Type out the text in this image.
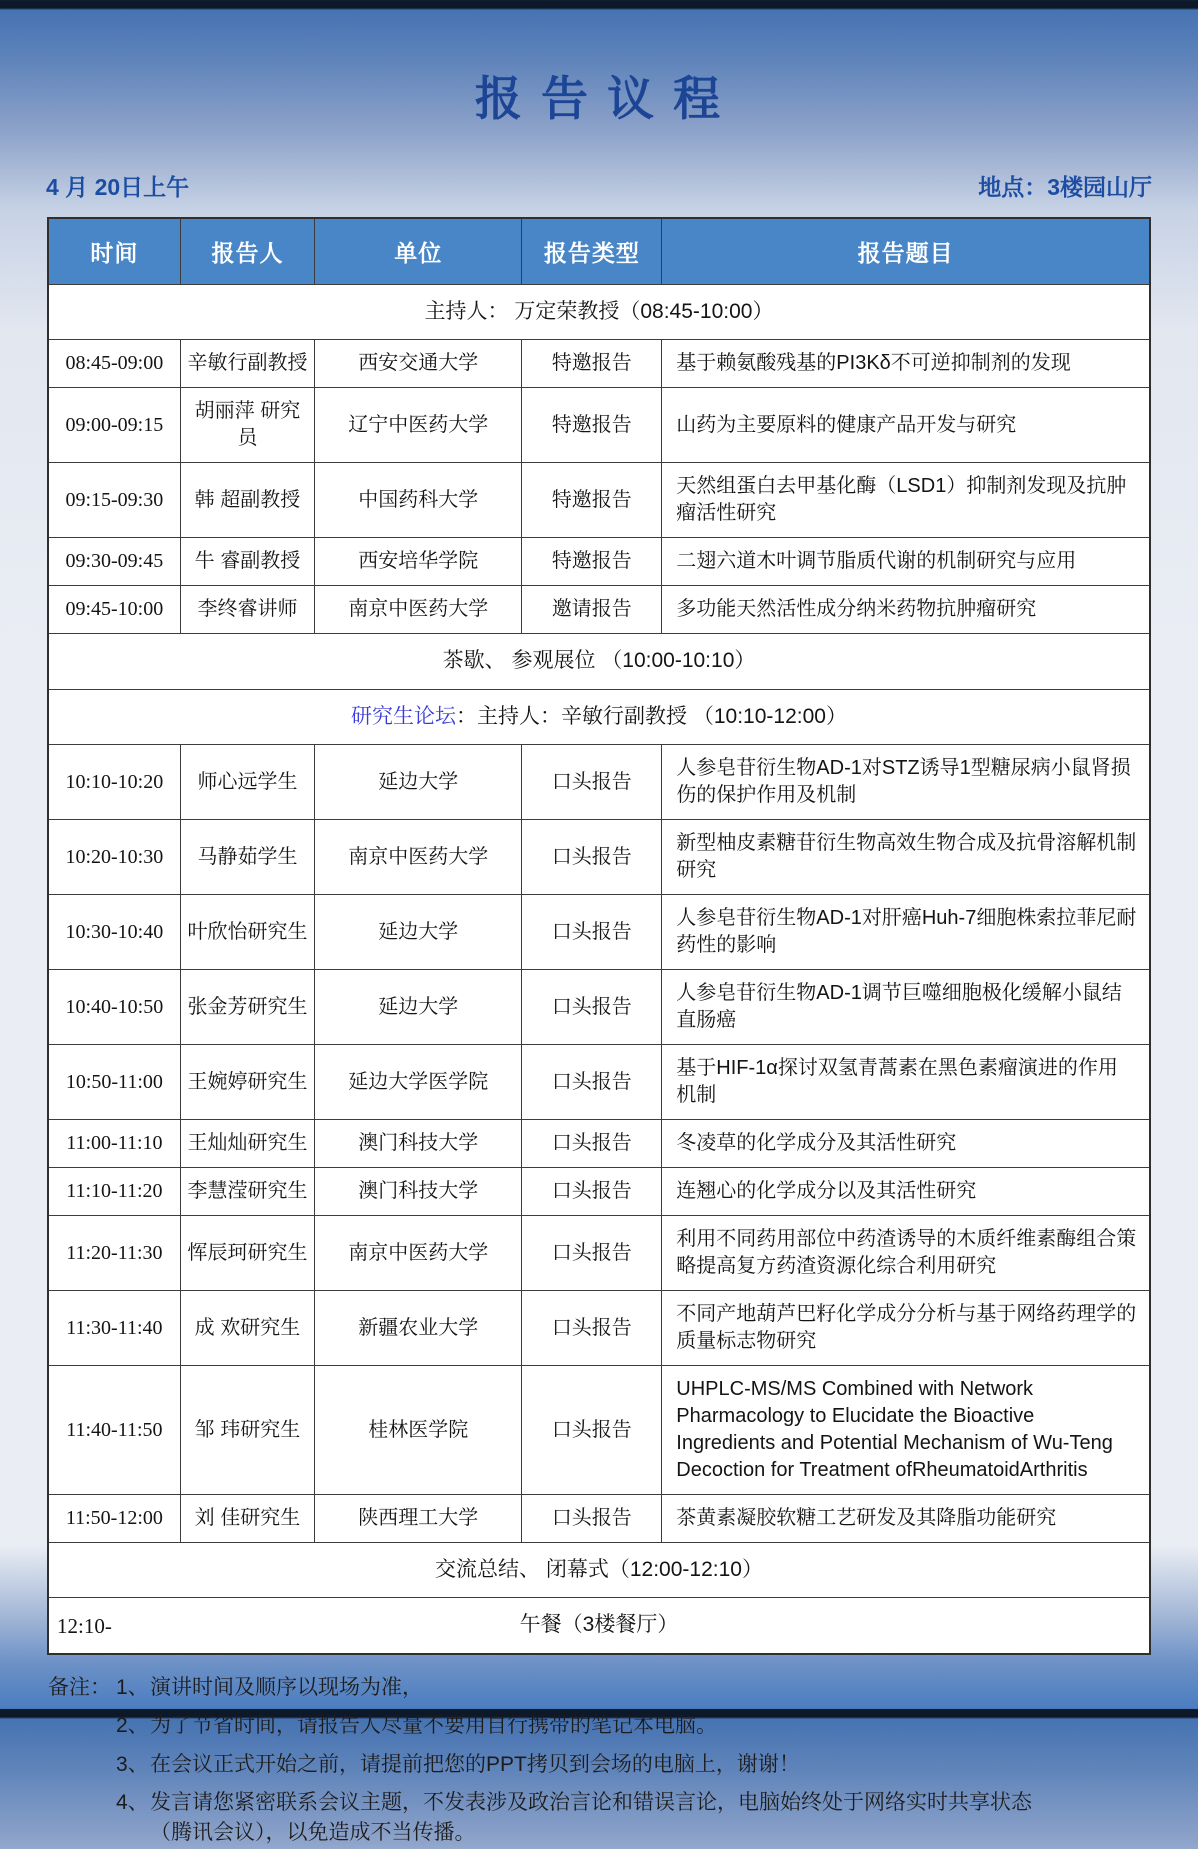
报 告 议 程
4 月 20日上午	地点：3楼园山厅
时间	报告人	单位	报告类型	报告题目
主持人： 万定荣教授（08:45-10:00）				
08:45-09:00	辛敏行副教授	西安交通大学	特邀报告	基于赖氨酸残基的PI3Kδ不可逆抑制剂的发现
09:00-09:15	胡丽萍 研究员	辽宁中医药大学	特邀报告	山药为主要原料的健康产品开发与研究
09:15-09:30	韩 超副教授	中国药科大学	特邀报告	天然组蛋白去甲基化酶（LSD1）抑制剂发现及抗肿瘤活性研究
09:30-09:45	牛 睿副教授	西安培华学院	特邀报告	二翅六道木叶调节脂质代谢的机制研究与应用
09:45-10:00	李终睿讲师	南京中医药大学	邀请报告	多功能天然活性成分纳米药物抗肿瘤研究
茶歇、 参观展位 （10:00-10:10）				
研究生论坛：主持人：辛敏行副教授 （10:10-12:00）				
10:10-10:20	师心远学生	延边大学	口头报告	人参皂苷衍生物AD-1对STZ诱导1型糖尿病小鼠肾损伤的保护作用及机制
10:20-10:30	马静茹学生	南京中医药大学	口头报告	新型柚皮素糖苷衍生物高效生物合成及抗骨溶解机制研究
10:30-10:40	叶欣怡研究生	延边大学	口头报告	人参皂苷衍生物AD-1对肝癌Huh-7细胞株索拉菲尼耐药性的影响
10:40-10:50	张金芳研究生	延边大学	口头报告	人参皂苷衍生物AD-1调节巨噬细胞极化缓解小鼠结直肠癌
10:50-11:00	王婉婷研究生	延边大学医学院	口头报告	基于HIF-1α探讨双氢青蒿素在黑色素瘤演进的作用机制
11:00-11:10	王灿灿研究生	澳门科技大学	口头报告	冬凌草的化学成分及其活性研究
11:10-11:20	李慧滢研究生	澳门科技大学	口头报告	连翘心的化学成分以及其活性研究
11:20-11:30	恽辰珂研究生	南京中医药大学	口头报告	利用不同药用部位中药渣诱导的木质纤维素酶组合策略提高复方药渣资源化综合利用研究
11:30-11:40	成 欢研究生	新疆农业大学	口头报告	不同产地葫芦巴籽化学成分分析与基于网络药理学的质量标志物研究
11:40-11:50	邹 玮研究生	桂林医学院	口头报告	UHPLC-MS/MS Combined with Network Pharmacology to Elucidate the Bioactive Ingredients and Potential Mechanism of Wu-Teng Decoction for Treatment ofRheumatoidArthritis
11:50-12:00	刘 佳研究生	陕西理工大学	口头报告	茶黄素凝胶软糖工艺研发及其降脂功能研究
交流总结、 闭幕式（12:00-12:10）				

12:10- 午餐（3楼餐厅）				
备注： 1、 演讲时间及顺序以现场为准，
2、 为了节省时间，请报告人尽量不要用自行携带的笔记本电脑。
3、 在会议正式开始之前，请提前把您的PPT拷贝到会场的电脑上，谢谢！
4、 发言请您紧密联系会议主题，不发表涉及政治言论和错误言论，电脑始终处于网络实时共享状态（腾讯会议），以免造成不当传播。
